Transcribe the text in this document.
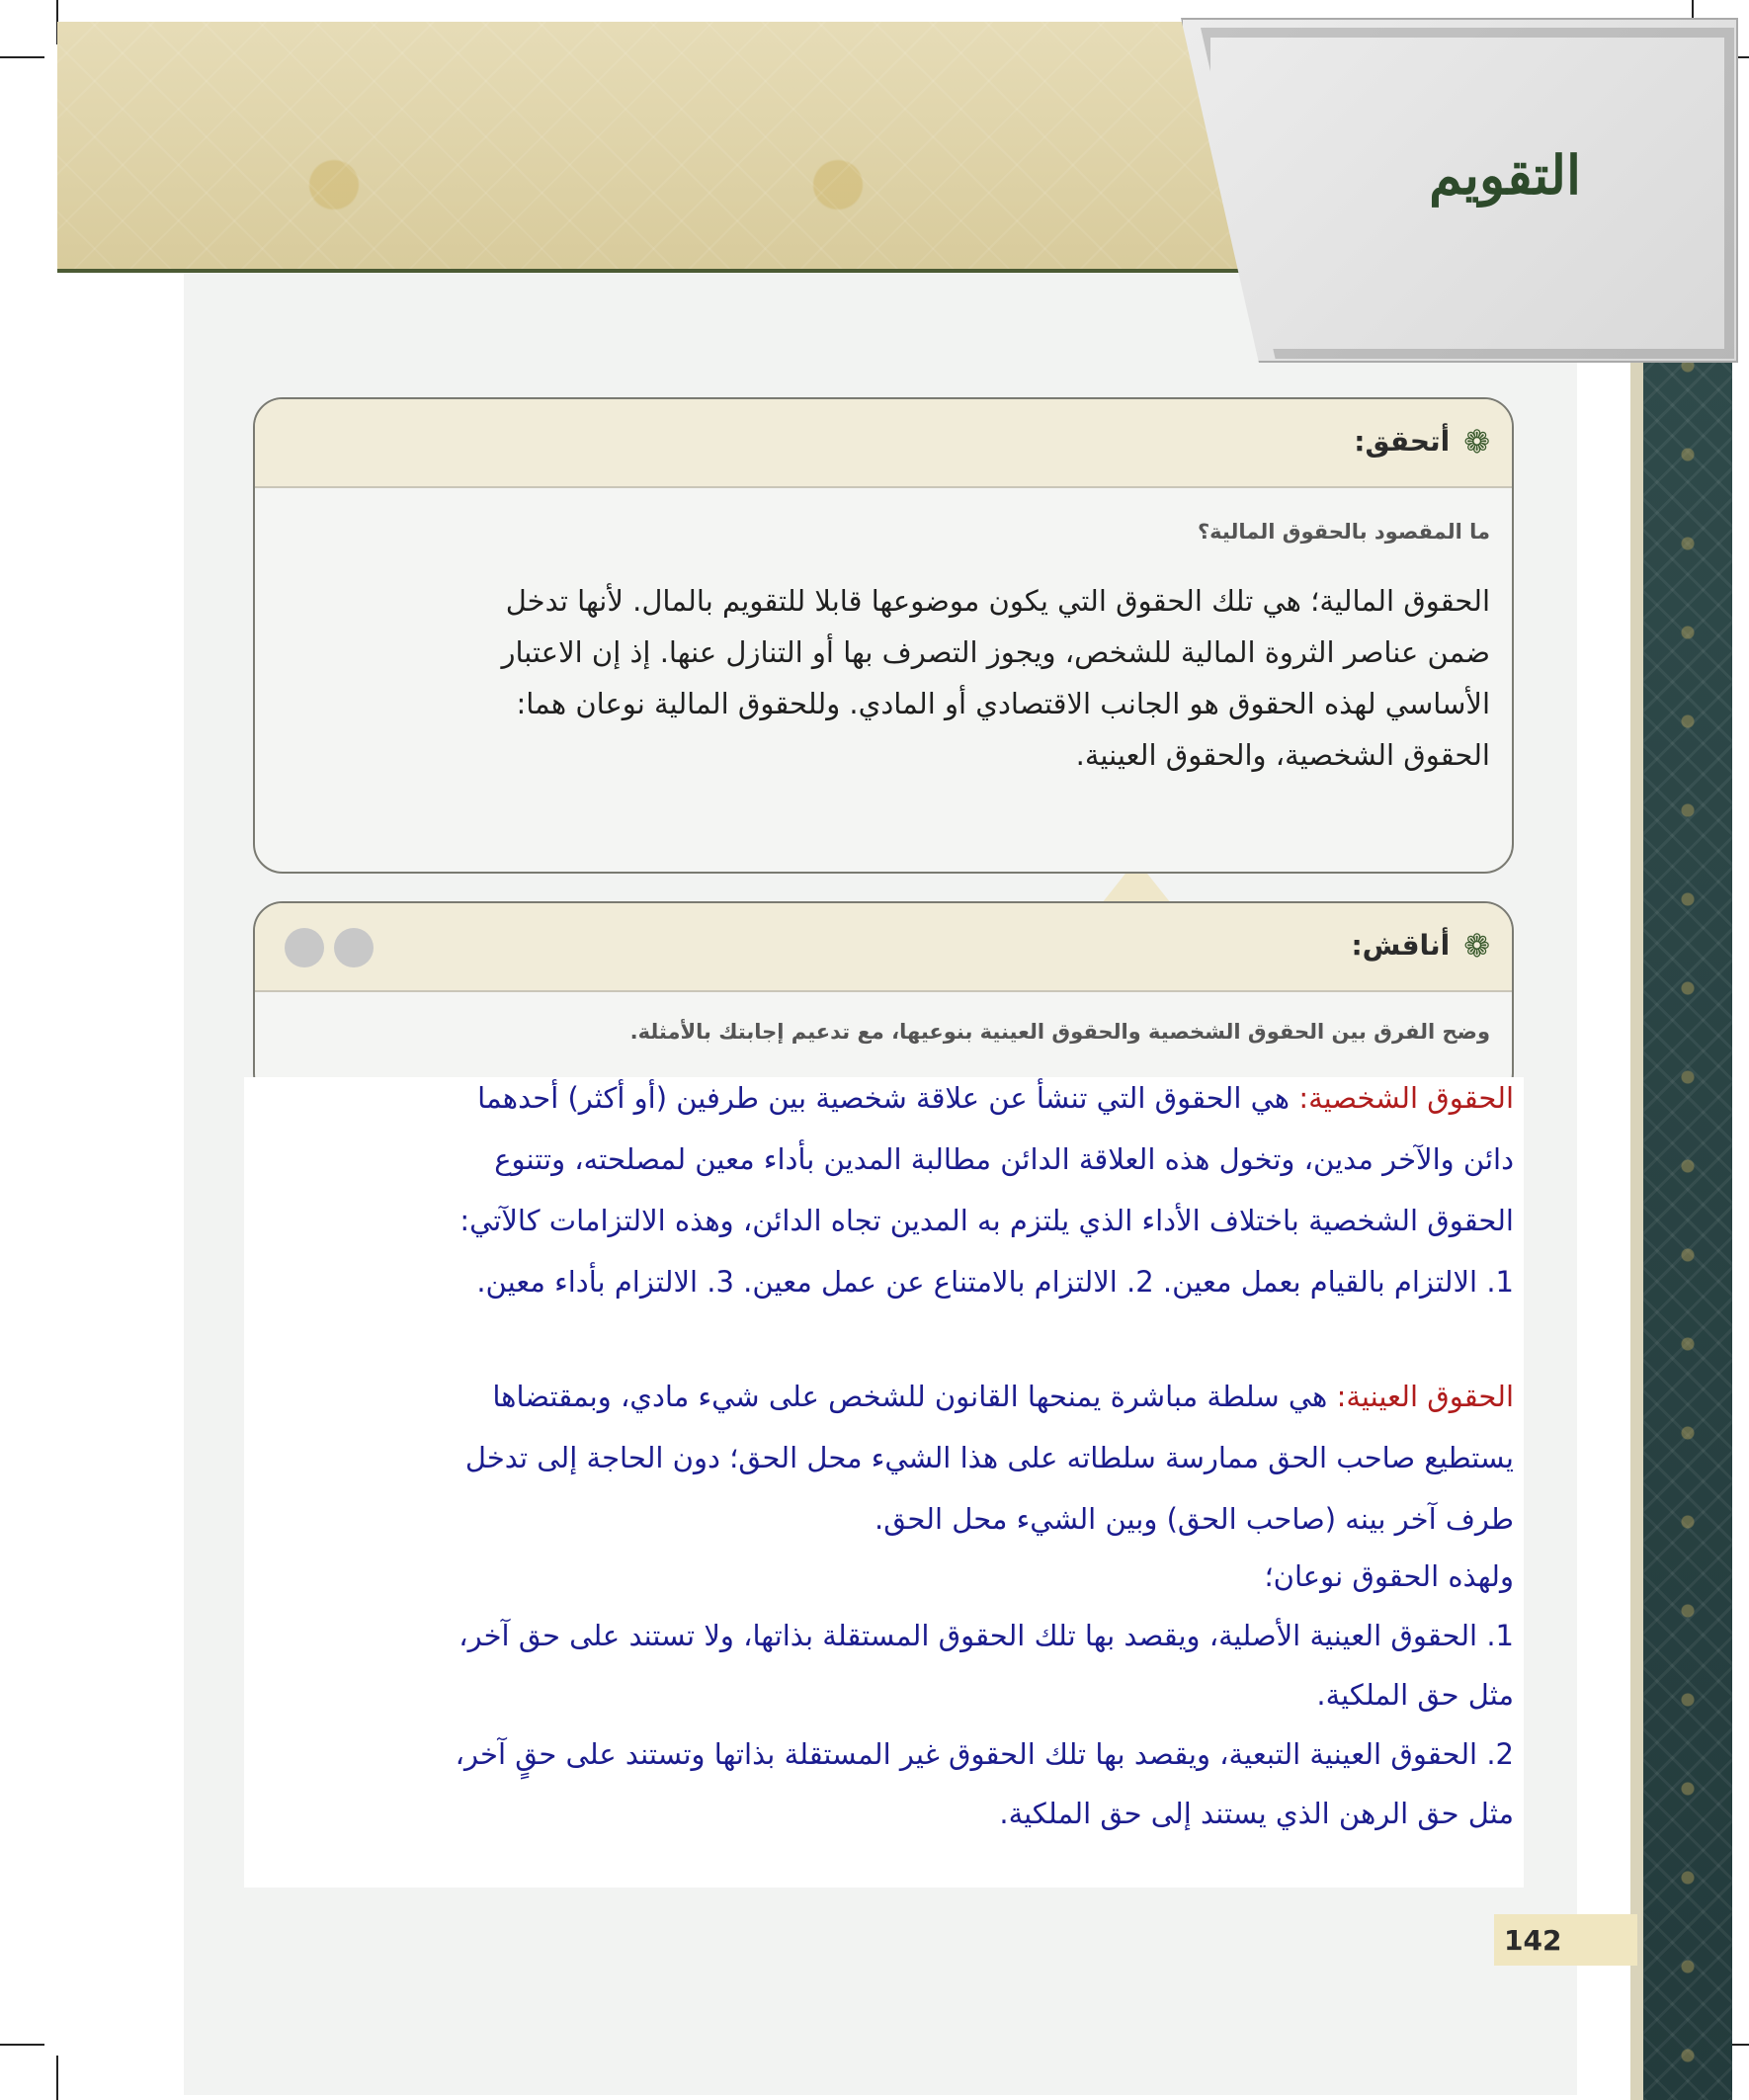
التقويم
❁
أتحقق:
ما المقصود بالحقوق المالية؟
الحقوق المالية؛ هي تلك الحقوق التي يكون موضوعها قابلا للتقويم بالمال. لأنها تدخل
ضمن عناصر الثروة المالية للشخص، ويجوز التصرف بها أو التنازل عنها. إذ إن الاعتبار
الأساسي لهذه الحقوق هو الجانب الاقتصادي أو المادي. وللحقوق المالية نوعان هما:
الحقوق الشخصية، والحقوق العينية.
❁
أناقش:
وضح الفرق بين الحقوق الشخصية والحقوق العينية بنوعيها، مع تدعيم إجابتك بالأمثلة.
الحقوق الشخصية: هي الحقوق التي تنشأ عن علاقة شخصية بين طرفين (أو أكثر) أحدهما
دائن والآخر مدين، وتخول هذه العلاقة الدائن مطالبة المدين بأداء معين لمصلحته، وتتنوع
الحقوق الشخصية باختلاف الأداء الذي يلتزم به المدين تجاه الدائن، وهذه الالتزامات كالآتي:
1. الالتزام بالقيام بعمل معين. 2. الالتزام بالامتناع عن عمل معين. 3. الالتزام بأداء معين.
الحقوق العينية: هي سلطة مباشرة يمنحها القانون للشخص على شيء مادي، وبمقتضاها
يستطيع صاحب الحق ممارسة سلطاته على هذا الشيء محل الحق؛ دون الحاجة إلى تدخل
طرف آخر بينه (صاحب الحق) وبين الشيء محل الحق.
ولهذه الحقوق نوعان؛
1. الحقوق العينية الأصلية، ويقصد بها تلك الحقوق المستقلة بذاتها، ولا تستند على حق آخر،
مثل حق الملكية.
2. الحقوق العينية التبعية، ويقصد بها تلك الحقوق غير المستقلة بذاتها وتستند على حقٍ آخر،
مثل حق الرهن الذي يستند إلى حق الملكية.
142
